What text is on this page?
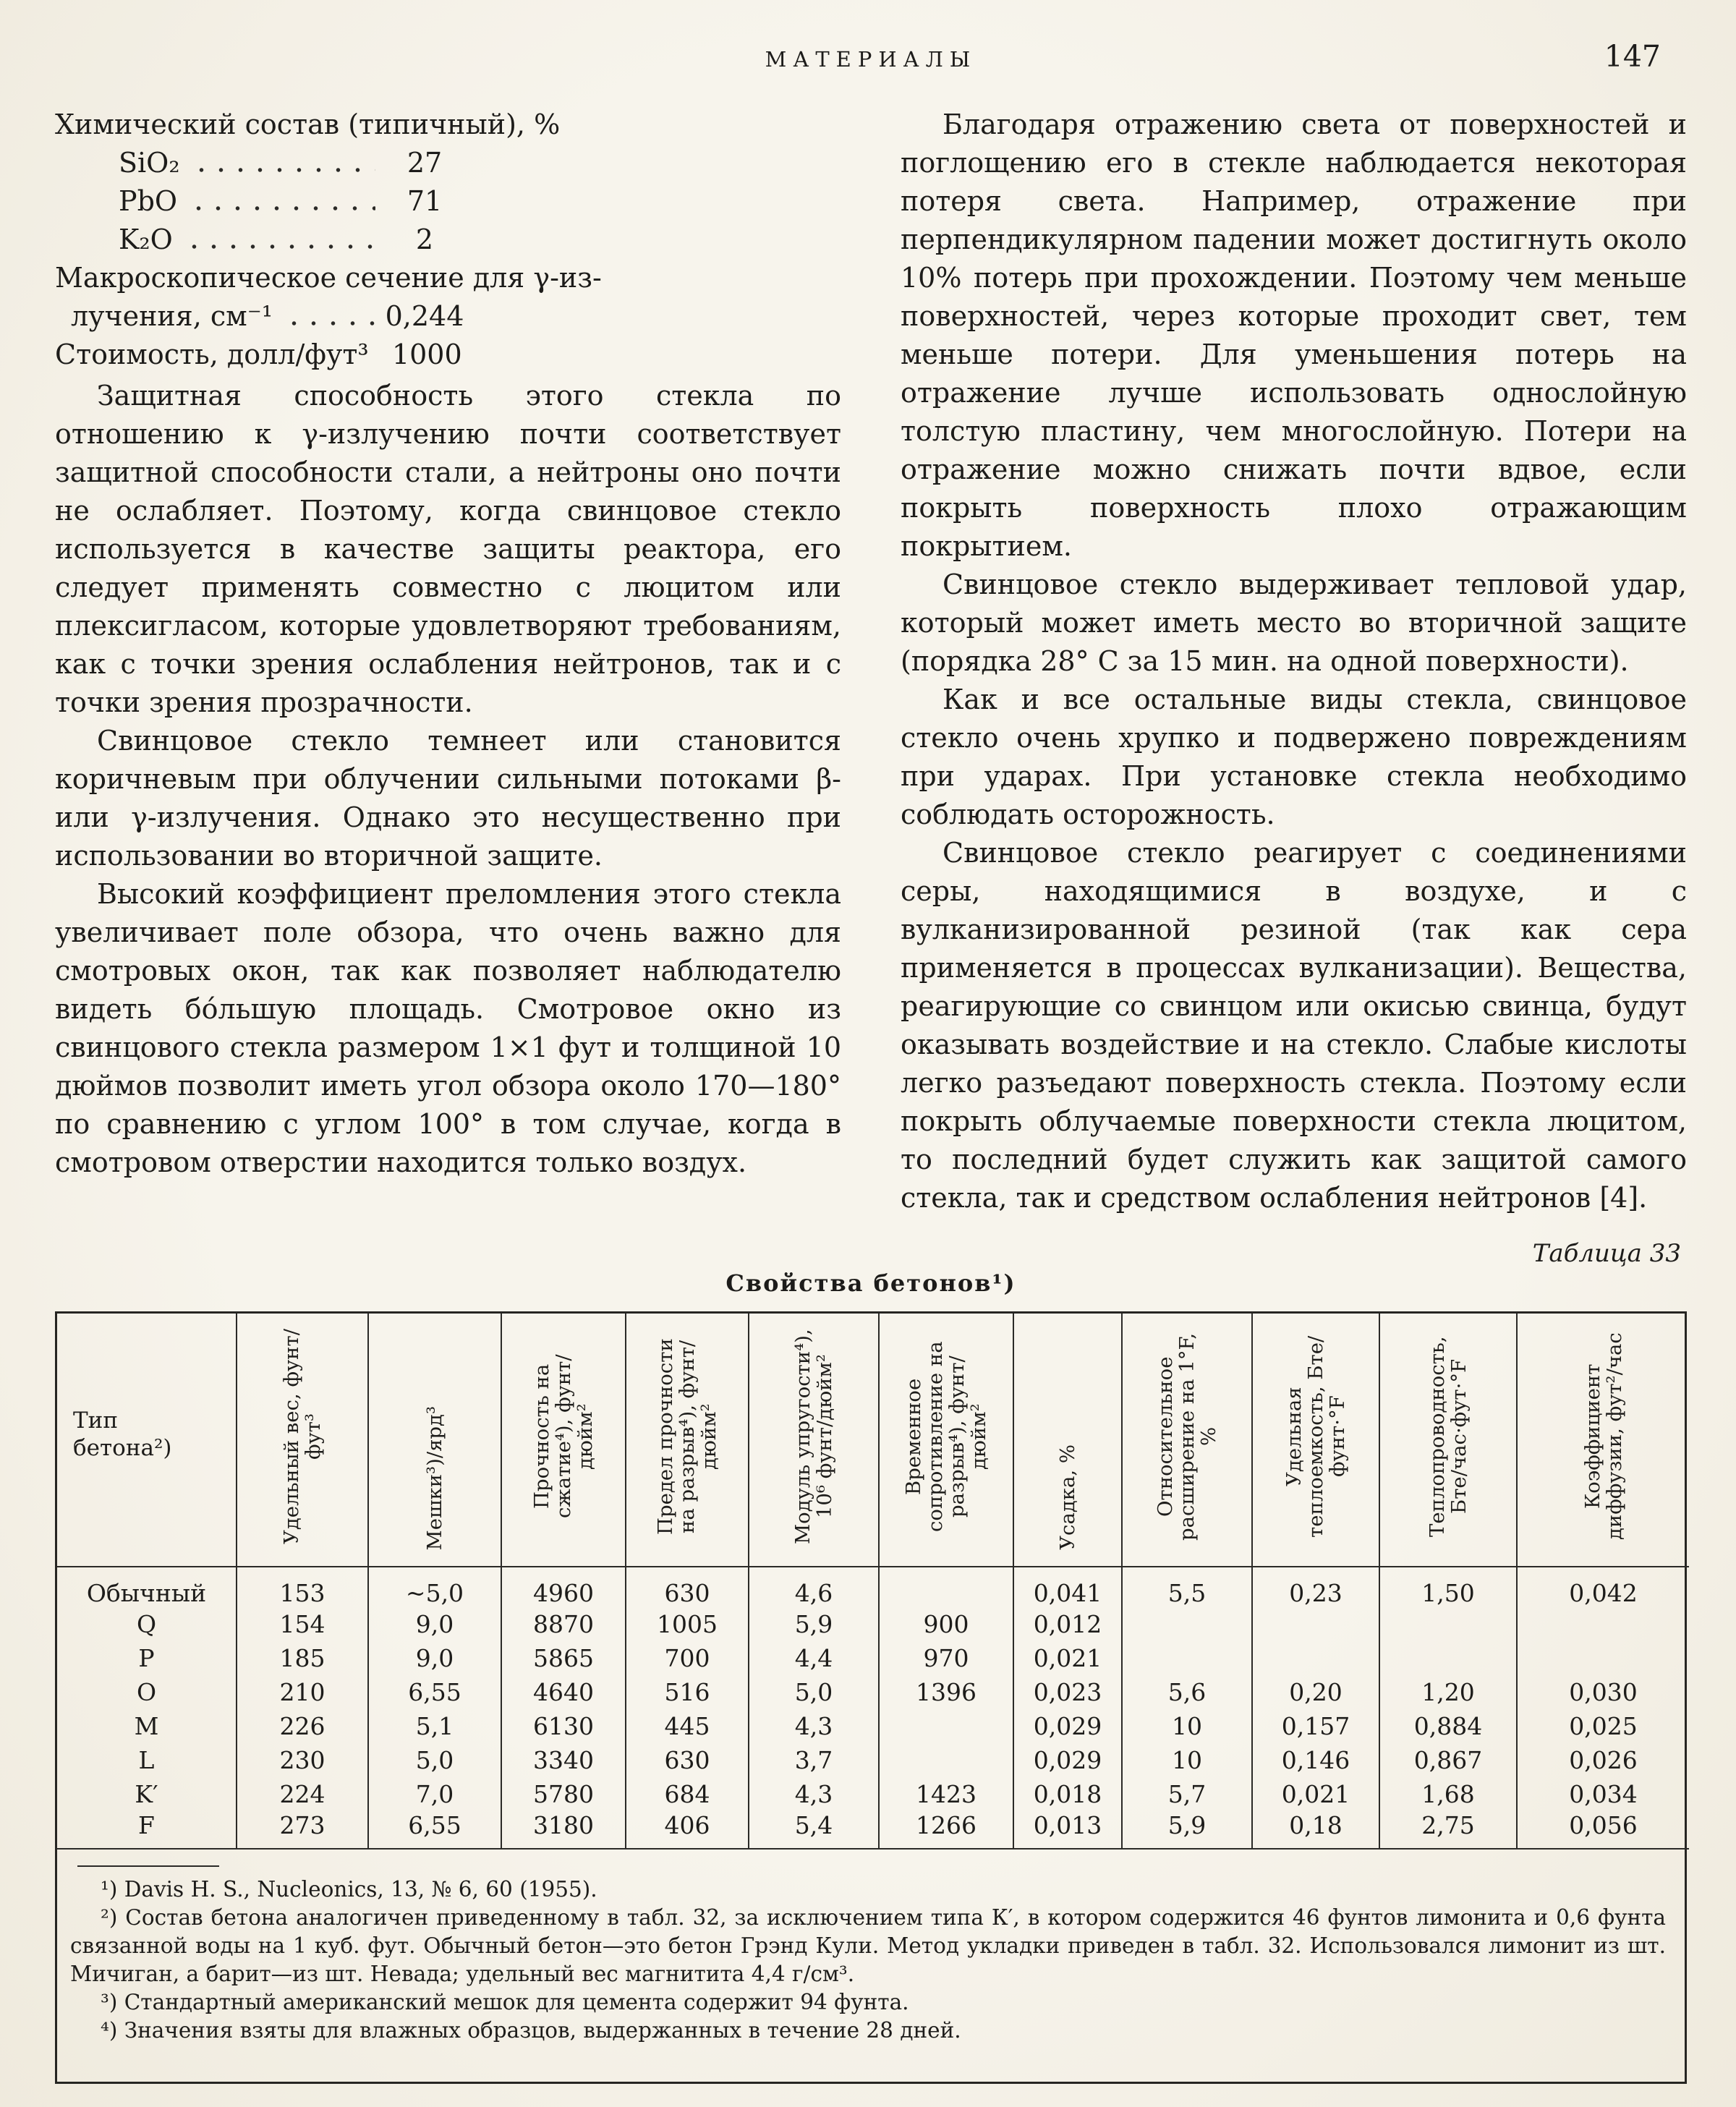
МАТЕРИАЛЫ	147
Химический состав (типичный), %
SiO₂	27
PbO	71
K₂O	2
Макроскопическое сечение для γ-из-
лучения, см⁻¹	0,244
Стоимость, долл/фут³ 1000

Защитная способность этого стекла по отношению к γ-излучению почти соответствует защитной способности стали, а нейтроны оно почти не ослабляет. Поэтому, когда свинцовое стекло используется в качестве защиты реактора, его следует применять совместно с люцитом или плексигласом, которые удовлетворяют требованиям, как с точки зрения ослабления нейтронов, так и с точки зрения прозрачности.

Свинцовое стекло темнеет или становится коричневым при облучении сильными потоками β- или γ-излучения. Однако это несущественно при использовании во вторичной защите.

Высокий коэффициент преломления этого стекла увеличивает поле обзора, что очень важно для смотровых окон, так как позволяет наблюдателю видеть бо́льшую площадь. Смотровое окно из свинцового стекла размером 1×1 фут и толщиной 10 дюймов позволит иметь угол обзора около 170—180° по сравнению с углом 100° в том случае, когда в смотровом отверстии находится только воздух.

Благодаря отражению света от поверхностей и поглощению его в стекле наблюдается некоторая потеря света. Например, отражение при перпендикулярном падении может достигнуть около 10% потерь при прохождении. Поэтому чем меньше поверхностей, через которые проходит свет, тем меньше потери. Для уменьшения потерь на отражение лучше использовать однослойную толстую пластину, чем многослойную. Потери на отражение можно снижать почти вдвое, если покрыть поверхность плохо отражающим покрытием.

Свинцовое стекло выдерживает тепловой удар, который может иметь место во вторичной защите (порядка 28° С за 15 мин. на одной поверхности).

Как и все остальные виды стекла, свинцовое стекло очень хрупко и подвержено повреждениям при ударах. При установке стекла необходимо соблюдать осторожность.

Свинцовое стекло реагирует с соединениями серы, находящимися в воздухе, и с вулканизированной резиной (так как сера применяется в процессах вулканизации). Вещества, реагирующие со свинцом или окисью свинца, будут оказывать воздействие и на стекло. Слабые кислоты легко разъедают поверхность стекла. Поэтому если покрыть облучаемые поверхности стекла люцитом, то последний будет служить как защитой самого стекла, так и средством ослабления нейтронов [4].

Таблица 33
Свойства бетонов¹)
Тип бетона²)	Удельный вес, фунт/фут³	Мешки³)/ярд³	Прочность на сжатие⁴), фунт/дюйм²	Предел прочности на разрыв⁴), фунт/дюйм²	Модуль упругости⁴), 10⁶ фунт/дюйм²	Временное сопротивление на разрыв⁴), фунт/дюйм²	Усадка, %	Относительное расширение на 1°F, %	Удельная теплоемкость, Бте/фунт·°F	Теплопроводность, Бте/час·фут·°F	Коэффициент диффузии, фут²/час
Обычный	153	~5,0	4960	630	4,6		0,041	5,5	0,23	1,50	0,042
Q	154	9,0	8870	1005	5,9	900	0,012				
P	185	9,0	5865	700	4,4	970	0,021				
O	210	6,55	4640	516	5,0	1396	0,023	5,6	0,20	1,20	0,030
M	226	5,1	6130	445	4,3		0,029	10	0,157	0,884	0,025
L	230	5,0	3340	630	3,7		0,029	10	0,146	0,867	0,026
K′	224	7,0	5780	684	4,3	1423	0,018	5,7	0,021	1,68	0,034
F	273	6,55	3180	406	5,4	1266	0,013	5,9	0,18	2,75	0,056

¹) Davis H. S., Nucleonics, 13, № 6, 60 (1955).

²) Состав бетона аналогичен приведенному в табл. 32, за исключением типа К′, в котором содержится 46 фунтов лимонита и 0,6 фунта связанной воды на 1 куб. фут. Обычный бетон—это бетон Грэнд Кули. Метод укладки приведен в табл. 32. Использовался лимонит из шт. Мичиган, а барит—из шт. Невада; удельный вес магнитита 4,4 г/см³.

³) Стандартный американский мешок для цемента содержит 94 фунта.

⁴) Значения взяты для влажных образцов, выдержанных в течение 28 дней.
